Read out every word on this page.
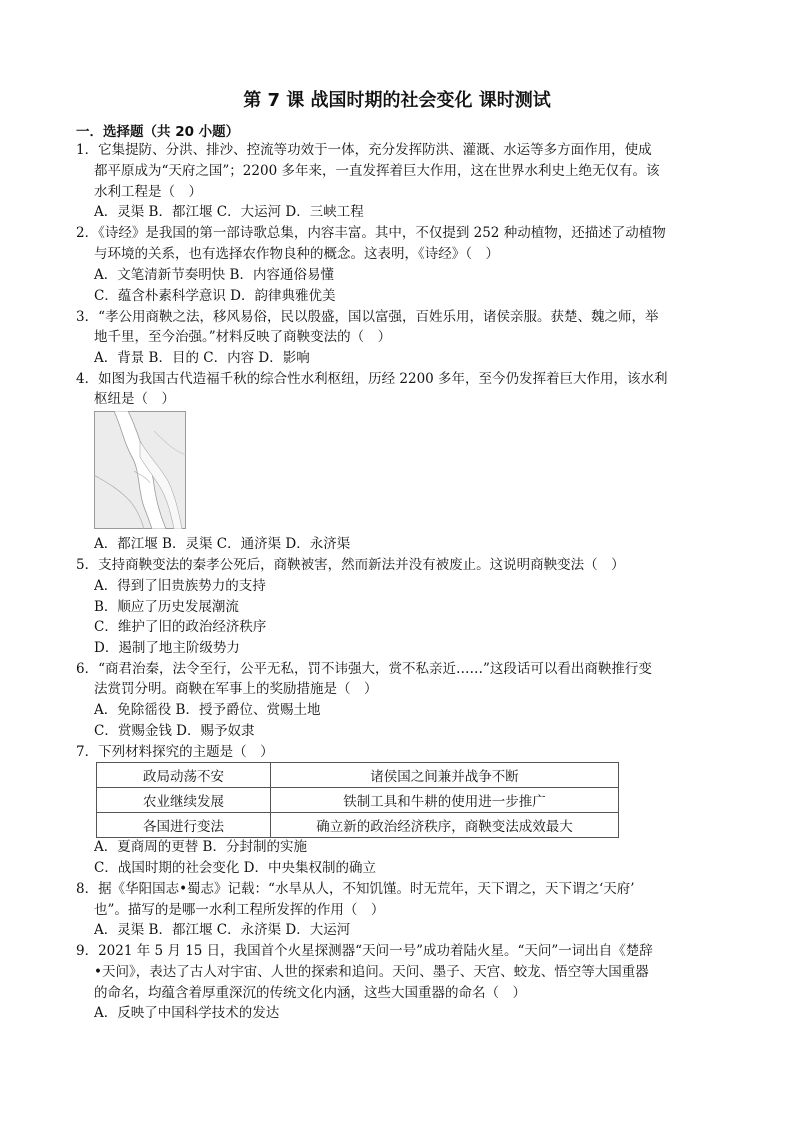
第 7 课 战国时期的社会变化 课时测试
一．选择题（共 20 小题）
1．它集提防、分洪、排沙、控流等功效于一体，充分发挥防洪、灌溉、水运等多方面作用，使成
都平原成为“天府之国”；2200 多年来，一直发挥着巨大作用，这在世界水利史上绝无仅有。该
水利工程是（　）
A．灵渠 B．都江堰 C．大运河 D．三峡工程
2．《诗经》是我国的第一部诗歌总集，内容丰富。其中，不仅提到 252 种动植物，还描述了动植物
与环境的关系，也有选择农作物良种的概念。这表明，《诗经》（　）
A．文笔清新节奏明快 B．内容通俗易懂
C．蕴含朴素科学意识 D．韵律典雅优美
3．“孝公用商鞅之法，移风易俗，民以殷盛，国以富强，百姓乐用，诸侯亲服。获楚、魏之师，举
地千里，至今治强。”材料反映了商鞅变法的（　）
A．背景 B．目的 C．内容 D．影响
4．如图为我国古代造福千秋的综合性水利枢纽，历经 2200 多年，至今仍发挥着巨大作用，该水利
枢纽是（　）
A．都江堰 B．灵渠 C．通济渠 D．永济渠
5．支持商鞅变法的秦孝公死后，商鞅被害，然而新法并没有被废止。这说明商鞅变法（　）
A．得到了旧贵族势力的支持
B．顺应了历史发展潮流
C．维护了旧的政治经济秩序
D．遏制了地主阶级势力
6．“商君治秦，法令至行，公平无私，罚不讳强大，赏不私亲近……”这段话可以看出商鞅推行变
法赏罚分明。商鞅在军事上的奖励措施是（　）
A．免除徭役 B．授予爵位、赏赐土地
C．赏赐金钱 D．赐予奴隶
7．下列材料探究的主题是（　）
政局动荡不安	诸侯国之间兼并战争不断
农业继续发展	铁制工具和牛耕的使用进一步推广
各国进行变法	确立新的政治经济秩序，商鞅变法成效最大
A．夏商周的更替 B．分封制的实施
C．战国时期的社会变化 D．中央集权制的确立
8．据《华阳国志•蜀志》记载：“水旱从人，不知饥馑。时无荒年，天下谓之，天下谓之‘天府’
也”。描写的是哪一水利工程所发挥的作用（　）
A．灵渠 B．都江堰 C．永济渠 D．大运河
9．2021 年 5 月 15 日，我国首个火星探测器“天问一号”成功着陆火星。“天问”一词出自《楚辞
•天问》，表达了古人对宇宙、人世的探索和追问。天问、墨子、天宫、蛟龙、悟空等大国重器
的命名，均蕴含着厚重深沉的传统文化内涵，这些大国重器的命名（　）
A．反映了中国科学技术的发达
